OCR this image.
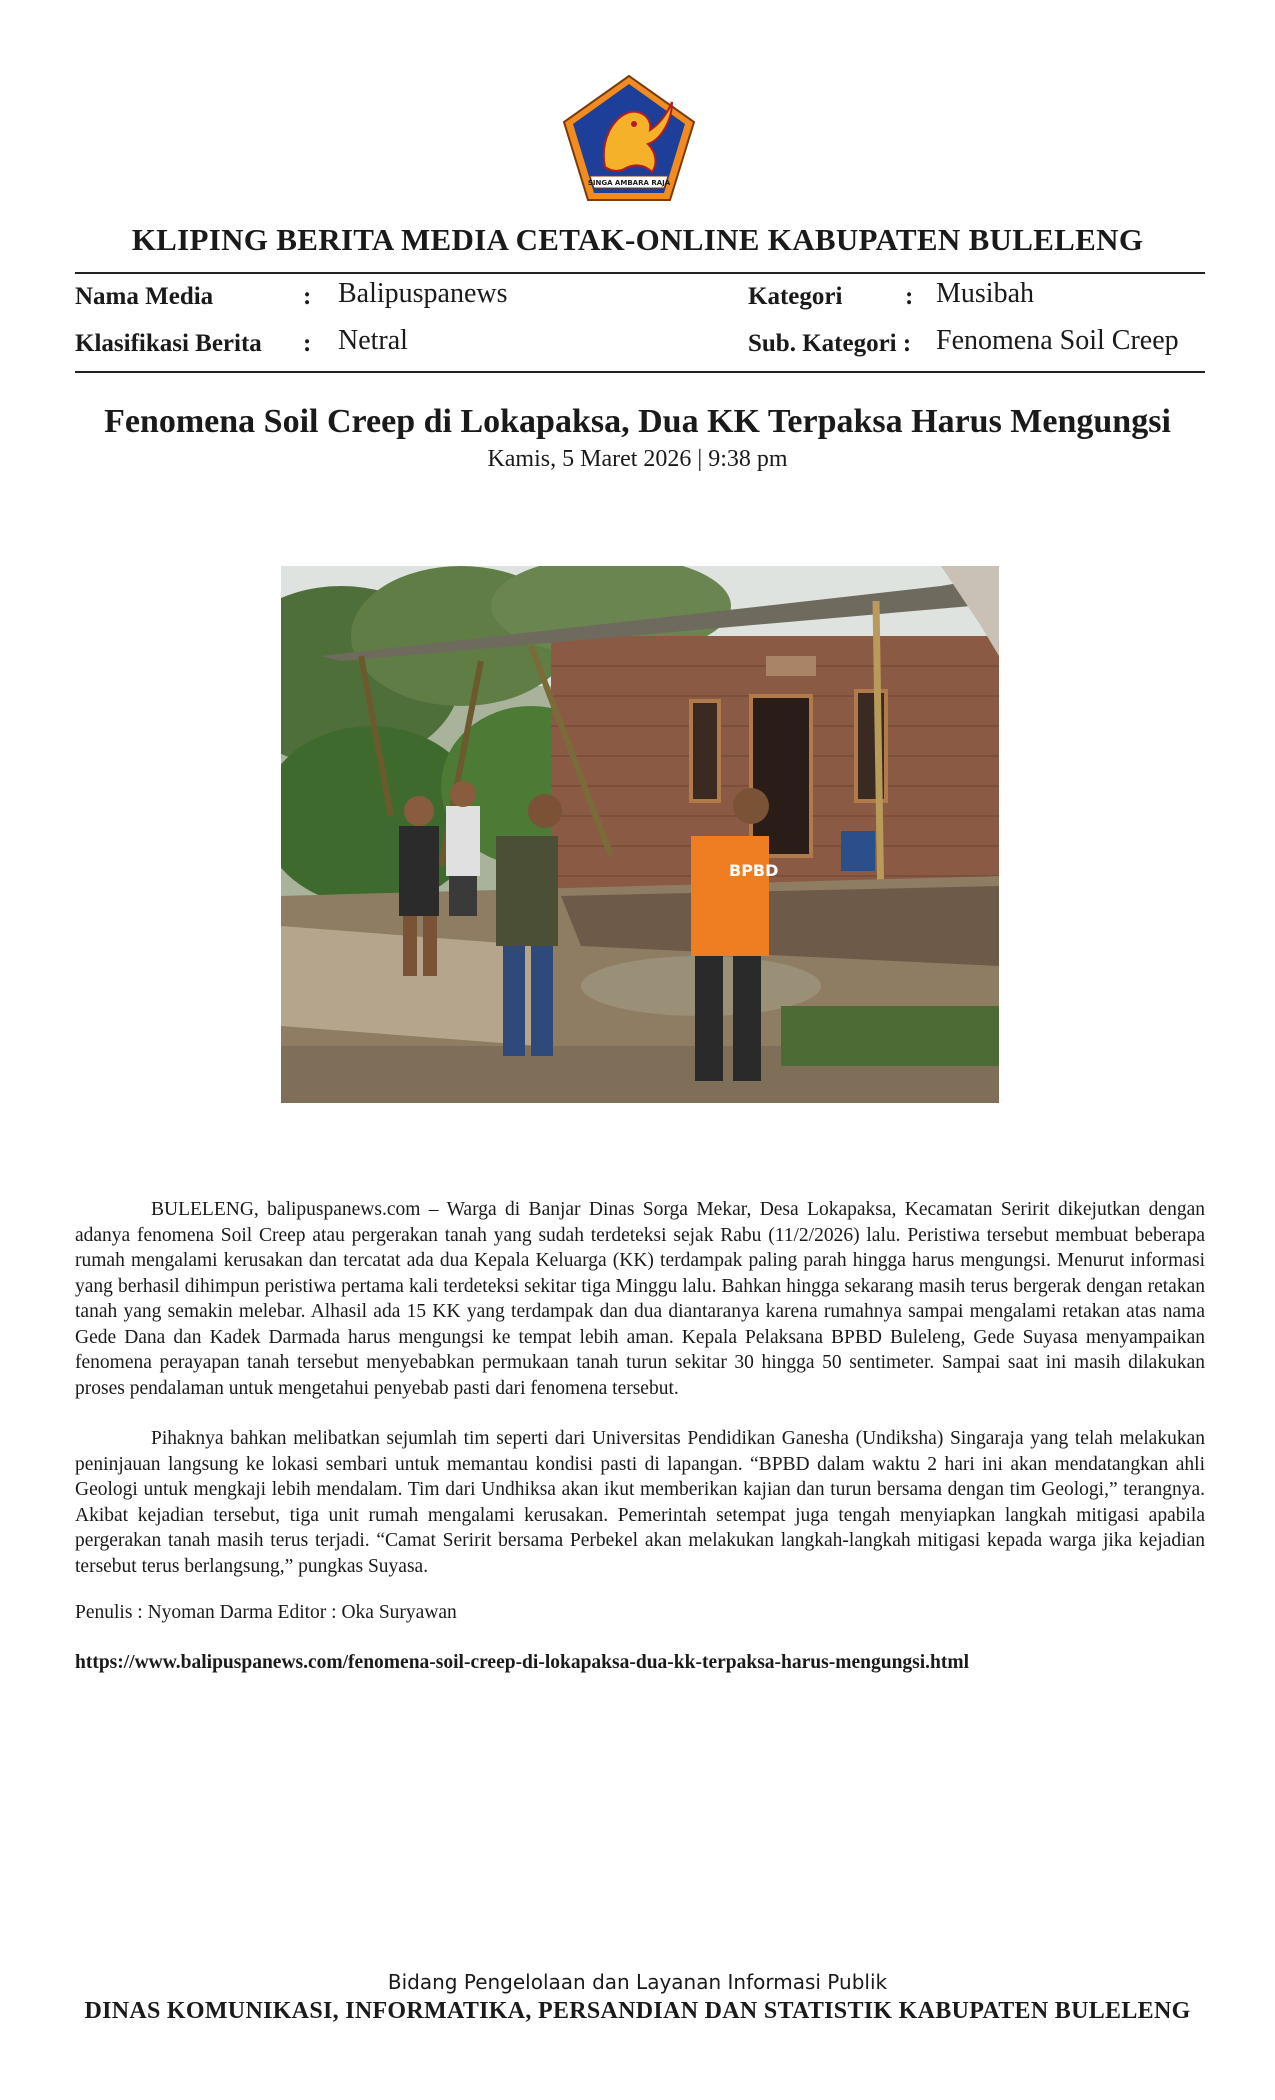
SINGA AMBARA RAJA
KLIPING BERITA MEDIA CETAK-ONLINE KABUPATEN BULELENG
Nama Media	: Balipuspanews	Kategori	: Musibah
Klasifikasi Berita : Netral	Sub. Kategori : Fenomena Soil Creep
Fenomena Soil Creep di Lokapaksa, Dua KK Terpaksa Harus Mengungsi
Kamis, 5 Maret 2026 | 9:38 pm
BPBD

BULELENG, balipuspanews.com – Warga di Banjar Dinas Sorga Mekar, Desa Lokapaksa, Kecamatan Seririt dikejutkan dengan adanya fenomena Soil Creep atau pergerakan tanah yang sudah terdeteksi sejak Rabu (11/2/2026) lalu. Peristiwa tersebut membuat beberapa rumah mengalami kerusakan dan tercatat ada dua Kepala Keluarga (KK) terdampak paling parah hingga harus mengungsi. Menurut informasi yang berhasil dihimpun peristiwa pertama kali terdeteksi sekitar tiga Minggu lalu. Bahkan hingga sekarang masih terus bergerak dengan retakan tanah yang semakin melebar. Alhasil ada 15 KK yang terdampak dan dua diantaranya karena rumahnya sampai mengalami retakan atas nama Gede Dana dan Kadek Darmada harus mengungsi ke tempat lebih aman. Kepala Pelaksana BPBD Buleleng, Gede Suyasa menyampaikan fenomena perayapan tanah tersebut menyebabkan permukaan tanah turun sekitar 30 hingga 50 sentimeter. Sampai saat ini masih dilakukan proses pendalaman untuk mengetahui penyebab pasti dari fenomena tersebut.

Pihaknya bahkan melibatkan sejumlah tim seperti dari Universitas Pendidikan Ganesha (Undiksha) Singaraja yang telah melakukan peninjauan langsung ke lokasi sembari untuk memantau kondisi pasti di lapangan. “BPBD dalam waktu 2 hari ini akan mendatangkan ahli Geologi untuk mengkaji lebih mendalam. Tim dari Undhiksa akan ikut memberikan kajian dan turun bersama dengan tim Geologi,” terangnya. Akibat kejadian tersebut, tiga unit rumah mengalami kerusakan. Pemerintah setempat juga tengah menyiapkan langkah mitigasi apabila pergerakan tanah masih terus terjadi. “Camat Seririt bersama Perbekel akan melakukan langkah-langkah mitigasi kepada warga jika kejadian tersebut terus berlangsung,” pungkas Suyasa.

Penulis : Nyoman Darma Editor : Oka Suryawan
https://www.balipuspanews.com/fenomena-soil-creep-di-lokapaksa-dua-kk-terpaksa-harus-mengungsi.html
Bidang Pengelolaan dan Layanan Informasi Publik
DINAS KOMUNIKASI, INFORMATIKA, PERSANDIAN DAN STATISTIK KABUPATEN BULELENG
